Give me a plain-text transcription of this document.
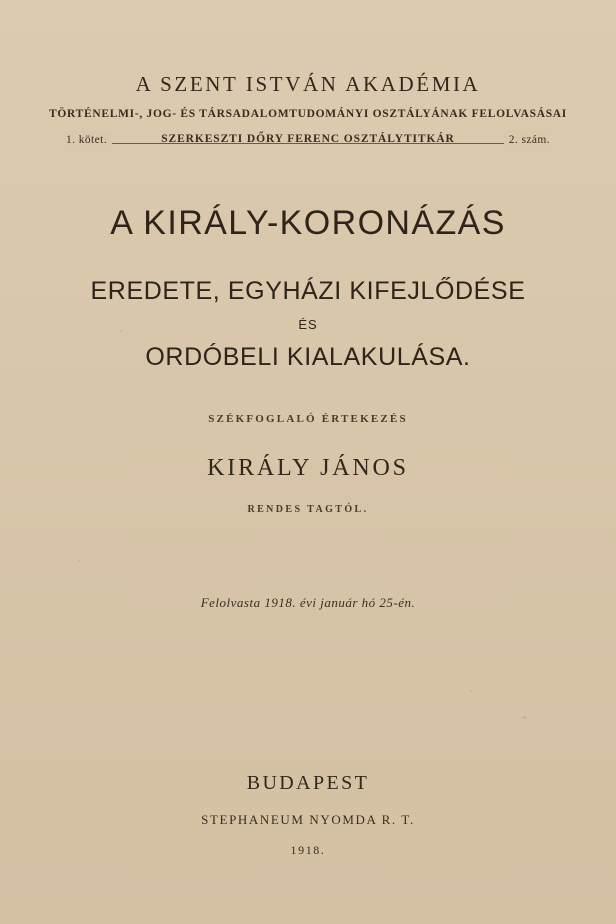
A SZENT ISTVÁN AKADÉMIA
TÖRTÉNELMI-, JOG- ÉS TÁRSADALOMTUDOMÁNYI OSZTÁLYÁNAK FELOLVASÁSAI
1. kötet.	SZERKESZTI DŐRY FERENC OSZTÁLYTITKÁR	2. szám.
A KIRÁLY-KORONÁZÁS
EREDETE, EGYHÁZI KIFEJLŐDÉSE
ÉS
ORDÓBELI KIALAKULÁSA.
SZÉKFOGLALÓ ÉRTEKEZÉS
KIRÁLY JÁNOS
RENDES TAGTÓL.
Felolvasta 1918. évi január hó 25-én.
BUDAPEST
STEPHANEUM NYOMDA R. T.
1918.
